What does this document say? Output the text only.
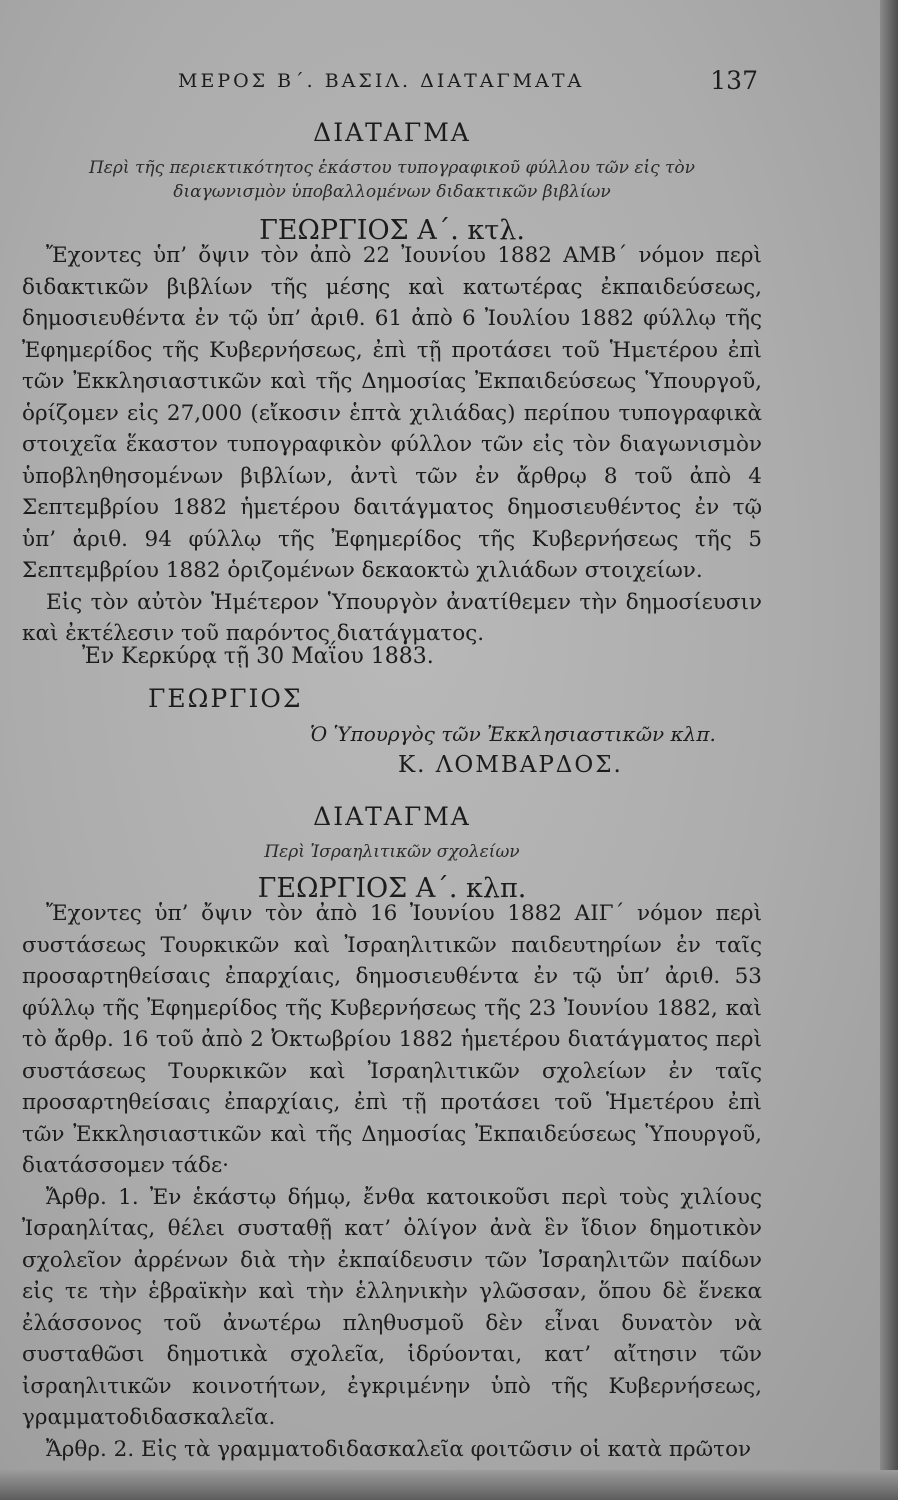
ΜΕΡΟΣ Β΄. ΒΑΣΙΛ. ΔΙΑΤΑΓΜΑΤΑ	137
ΔΙΑΤΑΓΜΑ
Περὶ τῆς περιεκτικότητος ἑκάστου τυπογραφικοῦ φύλλου τῶν εἰς τὸν
διαγωνισμὸν ὑποβαλλομένων διδακτικῶν βιβλίων
ΓΕΩΡΓΙΟΣ Α΄. κτλ.

Ἔχοντες ὑπ’ ὄψιν τὸν ἀπὸ 22 Ἰουνίου 1882 ΑΜΒ΄ νόμον περὶ διδακτικῶν βιβλίων τῆς μέσης καὶ κατωτέρας ἐκπαιδεύσεως, δημοσιευθέντα ἐν τῷ ὑπ’ ἀριθ. 61 ἀπὸ 6 Ἰουλίου 1882 φύλλῳ τῆς Ἐφημερίδος τῆς Κυβερνήσεως, ἐπὶ τῇ προτάσει τοῦ Ἡμετέρου ἐπὶ τῶν Ἐκκλησιαστικῶν καὶ τῆς Δημοσίας Ἐκπαιδεύσεως Ὑπουργοῦ, ὁρίζομεν εἰς 27,000 (εἴκοσιν ἑπτὰ χιλιάδας) περίπου τυπογραφικὰ στοιχεῖα ἕκαστον τυπογραφικὸν φύλλον τῶν εἰς τὸν διαγωνισμὸν ὑποβληθησομένων βιβλίων, ἀντὶ τῶν ἐν ἄρθρῳ 8 τοῦ ἀπὸ 4 Σεπτεμβρίου 1882 ἡμετέρου δαιτάγματος δημοσιευθέντος ἐν τῷ ὑπ’ ἀριθ. 94 φύλλῳ τῆς Ἐφημερίδος τῆς Κυβερνήσεως τῆς 5 Σεπτεμβρίου 1882 ὁριζομένων δεκαοκτὼ χιλιάδων στοιχείων.

Εἰς τὸν αὐτὸν Ἡμέτερον Ὑπουργὸν ἀνατίθεμεν τὴν δημοσίευσιν καὶ ἐκτέλεσιν τοῦ παρόντος διατάγματος.

Ἐν Κερκύρᾳ τῇ 30 Μαΐου 1883.
ΓΕΩΡΓΙΟΣ
Ὁ Ὑπουργὸς τῶν Ἐκκλησιαστικῶν κλπ.
Κ. ΛΟΜΒΑΡΔΟΣ.
ΔΙΑΤΑΓΜΑ
Περὶ Ἰσραηλιτικῶν σχολείων
ΓΕΩΡΓΙΟΣ Α΄. κλπ.

Ἔχοντες ὑπ’ ὄψιν τὸν ἀπὸ 16 Ἰουνίου 1882 ΑΙΓ΄ νόμον περὶ συστάσεως Τουρκικῶν καὶ Ἰσραηλιτικῶν παιδευτηρίων ἐν ταῖς προσαρτηθείσαις ἐπαρχίαις, δημοσιευθέντα ἐν τῷ ὑπ’ ἀριθ. 53 φύλλῳ τῆς Ἐφημερίδος τῆς Κυβερνήσεως τῆς 23 Ἰουνίου 1882, καὶ τὸ ἄρθρ. 16 τοῦ ἀπὸ 2 Ὀκτωβρίου 1882 ἡμετέρου διατάγματος περὶ συστάσεως Τουρκικῶν καὶ Ἰσραηλιτικῶν σχολείων ἐν ταῖς προσαρτηθείσαις ἐπαρχίαις, ἐπὶ τῇ προτάσει τοῦ Ἡμετέρου ἐπὶ τῶν Ἐκκλησιαστικῶν καὶ τῆς Δημοσίας Ἐκπαιδεύσεως Ὑπουργοῦ, διατάσσομεν τάδε·

Ἄρθρ. 1. Ἐν ἑκάστῳ δήμῳ, ἔνθα κατοικοῦσι περὶ τοὺς χιλίους Ἰσραηλίτας, θέλει συσταθῇ κατ’ ὀλίγον ἀνὰ ἓν ἴδιον δημοτικὸν σχολεῖον ἀρρένων διὰ τὴν ἐκπαίδευσιν τῶν Ἰσραηλιτῶν παίδων εἰς τε τὴν ἑβραϊκὴν καὶ τὴν ἑλληνικὴν γλῶσσαν, ὅπου δὲ ἕνεκα ἐλάσσονος τοῦ ἀνωτέρω πληθυσμοῦ δὲν εἶναι δυνατὸν νὰ συσταθῶσι δημοτικὰ σχολεῖα, ἱδρύονται, κατ’ αἴτησιν τῶν ἰσραηλιτικῶν κοινοτήτων, ἐγκριμένην ὑπὸ τῆς Κυβερνήσεως, γραμματοδιδασκαλεῖα.

Ἄρθρ. 2. Εἰς τὰ γραμματοδιδασκαλεῖα φοιτῶσιν οἱ κατὰ πρῶτον
